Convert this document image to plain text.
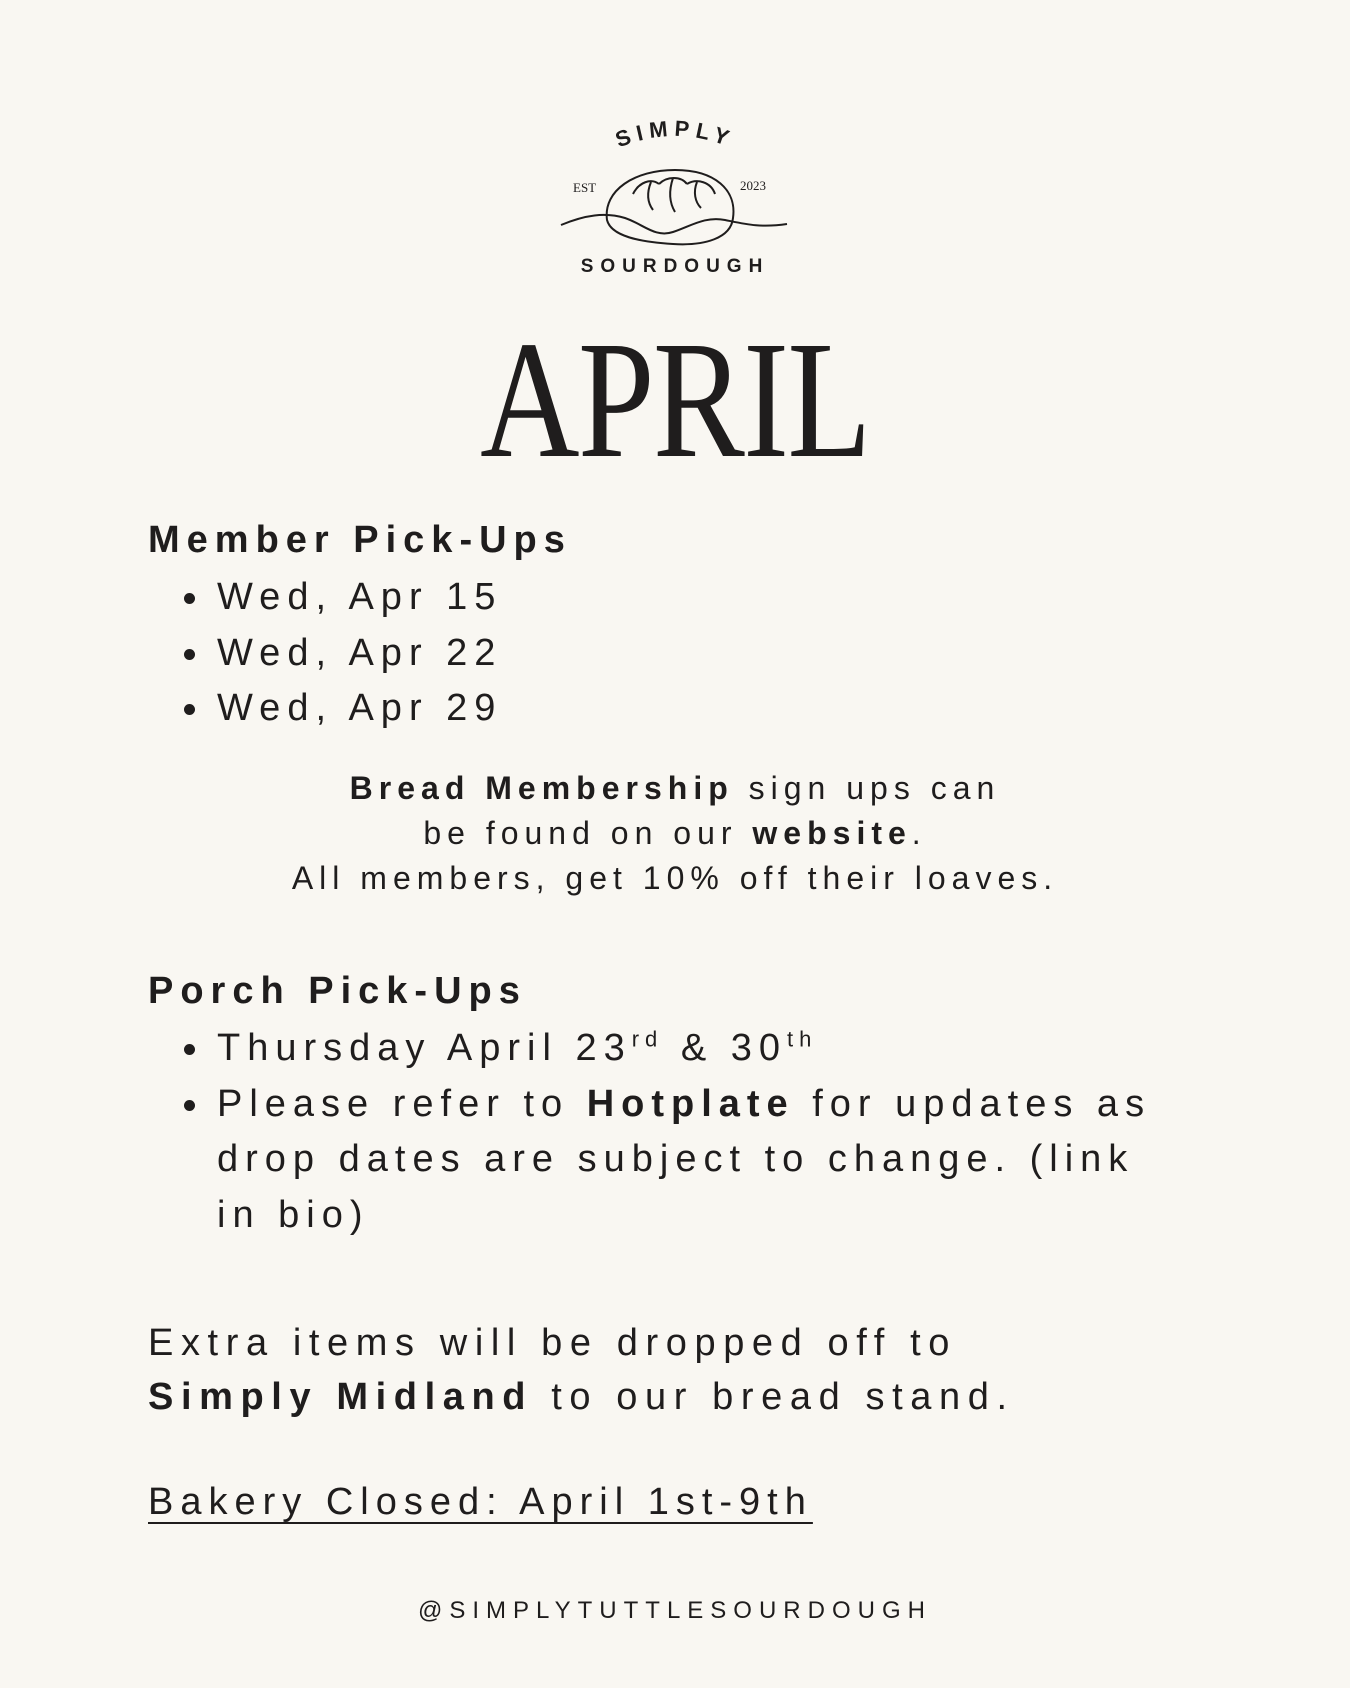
SIMPLY
EST	2023
SOURDOUGH
APRIL
Member Pick-Ups
Wed, Apr 15
Wed, Apr 22
Wed, Apr 29
Bread Membership sign ups can
be found on our website.
All members, get 10% off their loaves.
Porch Pick-Ups
Thursday April 23rd & 30th
Please refer to Hotplate for updates as drop dates are subject to change. (link in bio)
Extra items will be dropped off to
Simply Midland to our bread stand.
Bakery Closed: April 1st-9th
@SIMPLYTUTTLESOURDOUGH
